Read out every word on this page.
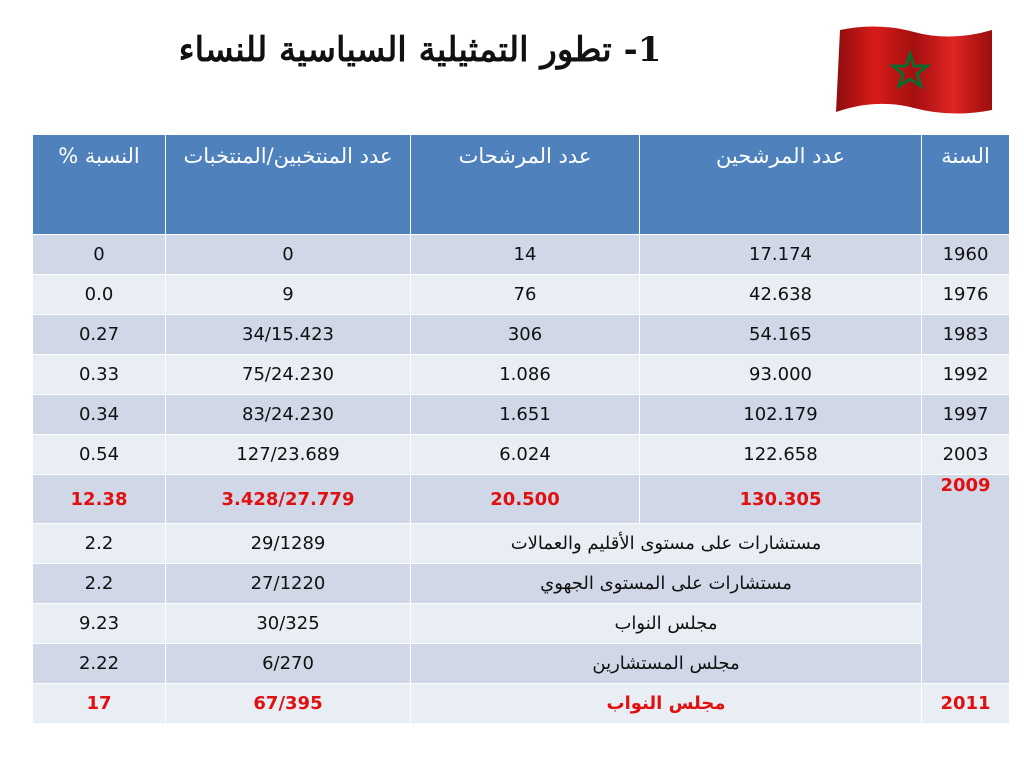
1- تطور التمثيلية السياسية للنساء
السنة	عدد المرشحين	عدد المرشحات	عدد المنتخبين/المنتخبات	النسبة %
1960	17.174	14	0	0
1976	42.638	76	9	0.0
1983	54.165	306	34/15.423	0.27
1992	93.000	1.086	75/24.230	0.33
1997	102.179	1.651	83/24.230	0.34
2003	122.658	6.024	127/23.689	0.54
2009	130.305	20.500	3.428/27.779	12.38
	مستشارات على مستوى الأقليم والعمالات		29/1289	2.2
	مستشارات على المستوى الجهوي		27/1220	2.2
	مجلس النواب		30/325	9.23
	مجلس المستشارين		6/270	2.22
2011	مجلس النواب		67/395	17
